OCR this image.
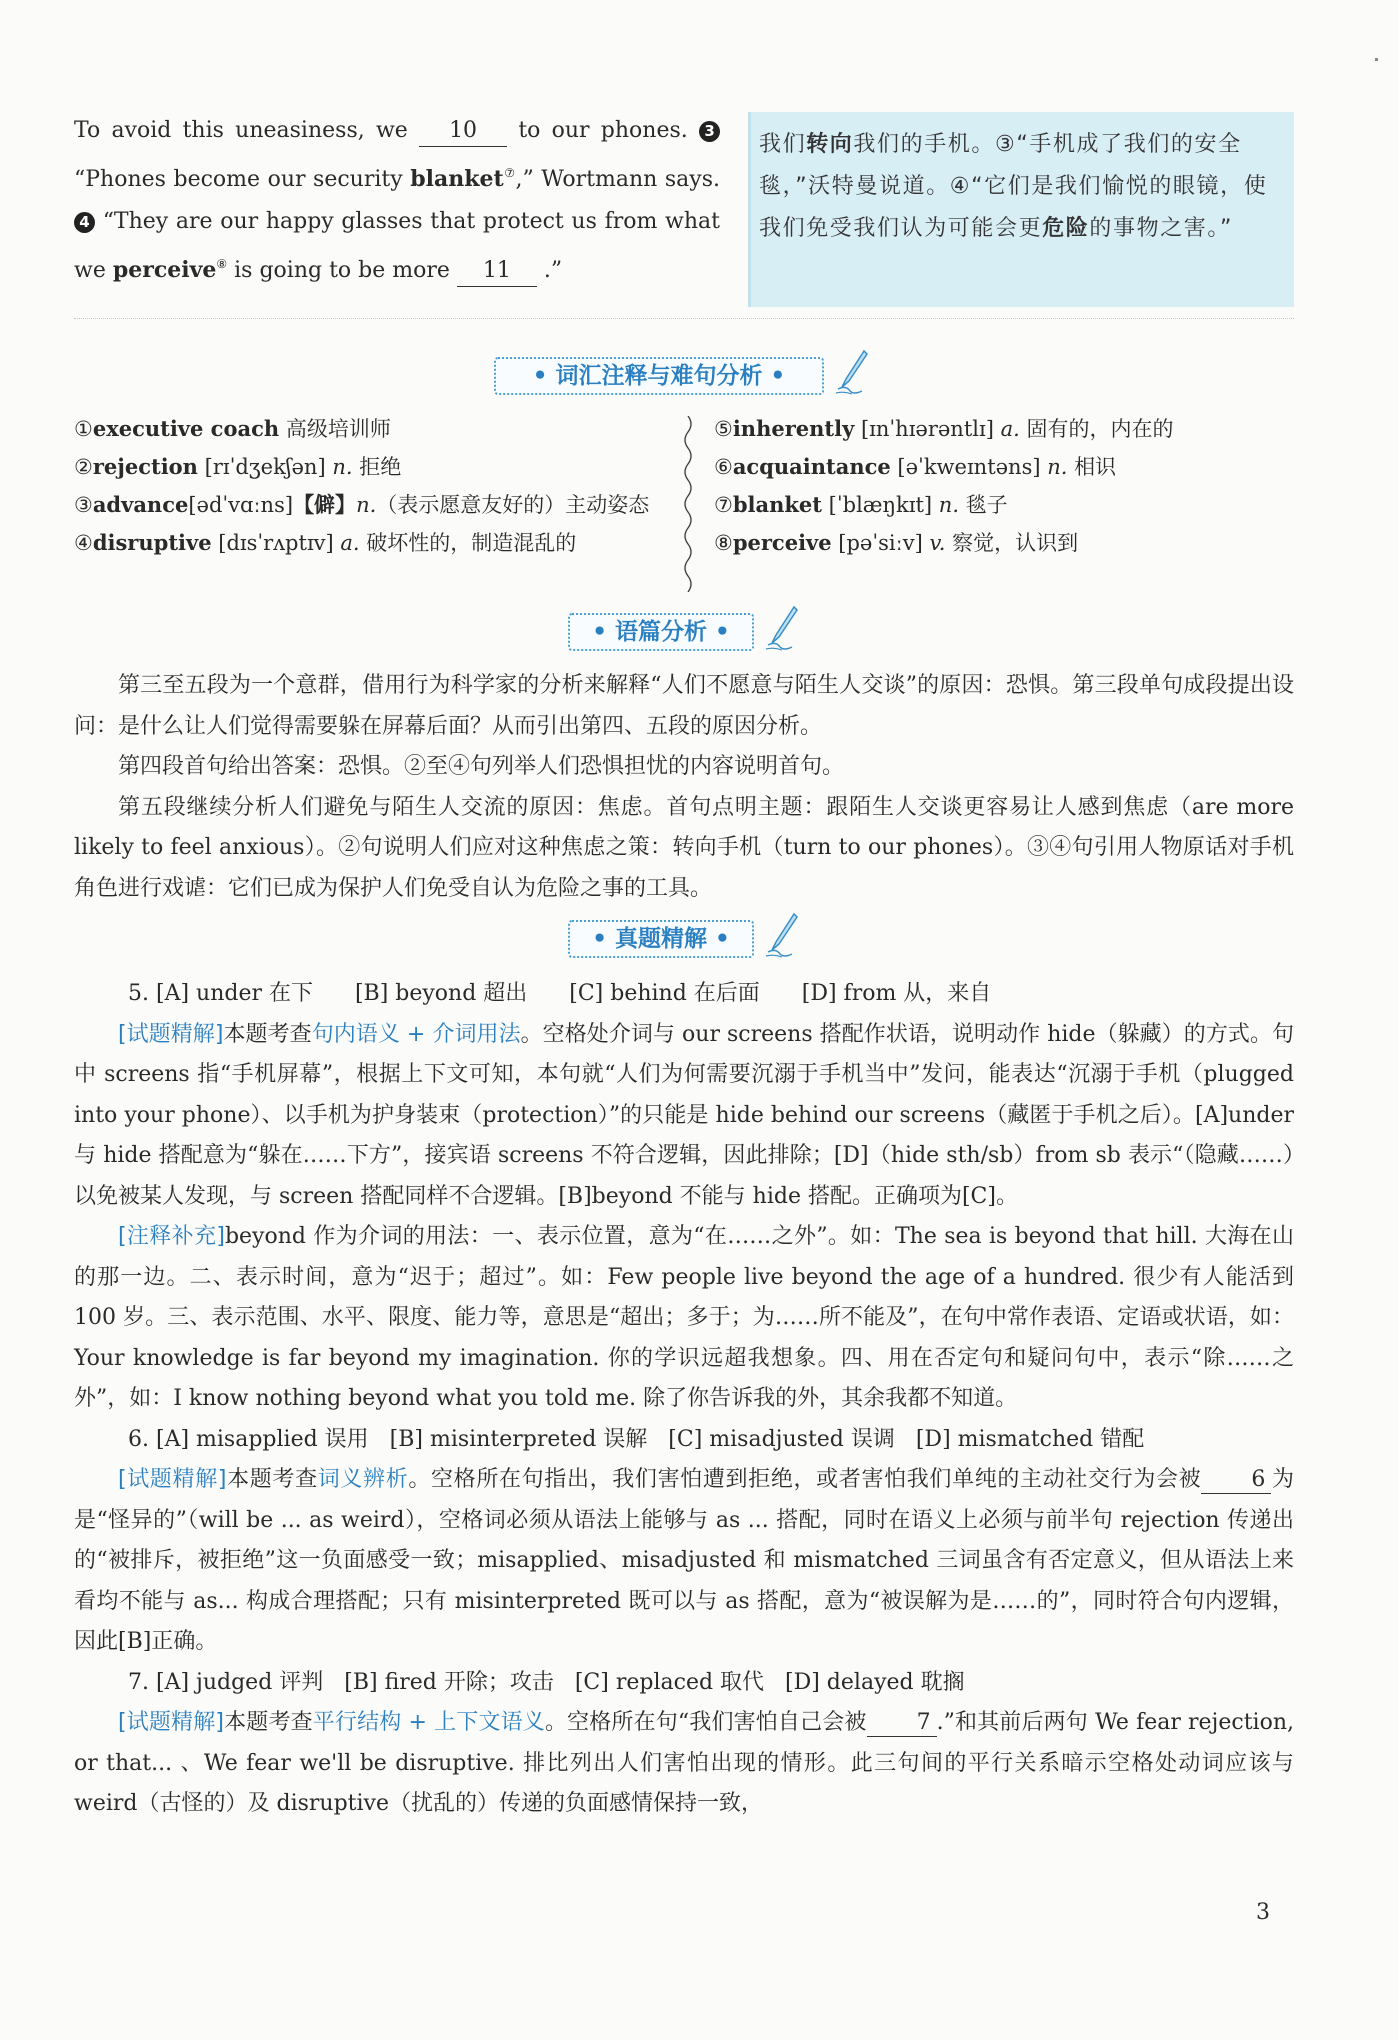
To avoid this uneasiness, we 10 to our phones. 3 “Phones become our security blanket⑦,” Wortmann says. 4 “They are our happy glasses that protect us from what we perceive⑧ is going to be more 11 .”
我们转向我们的手机。③“手机成了我们的安全毯，”沃特曼说道。④“它们是我们愉悦的眼镜，使我们免受我们认为可能会更危险的事物之害。”
• 词汇注释与难句分析 •
①executive coach 高级培训师
②rejection [rɪˈdʒekʃən] n. 拒绝
③advance[ədˈvɑːns]【僻】n.（表示愿意友好的）主动姿态
④disruptive [dɪsˈrʌptɪv] a. 破坏性的，制造混乱的
⑤inherently [ɪnˈhɪərəntlɪ] a. 固有的，内在的
⑥acquaintance [əˈkweɪntəns] n. 相识
⑦blanket [ˈblæŋkɪt] n. 毯子
⑧perceive [pəˈsiːv] v. 察觉，认识到
• 语篇分析 •

第三至五段为一个意群，借用行为科学家的分析来解释“人们不愿意与陌生人交谈”的原因：恐惧。第三段单句成段提出设问：是什么让人们觉得需要躲在屏幕后面？从而引出第四、五段的原因分析。

第四段首句给出答案：恐惧。②至④句列举人们恐惧担忧的内容说明首句。

第五段继续分析人们避免与陌生人交流的原因：焦虑。首句点明主题：跟陌生人交谈更容易让人感到焦虑（are more likely to feel anxious）。②句说明人们应对这种焦虑之策：转向手机（turn to our phones）。③④句引用人物原话对手机角色进行戏谑：它们已成为保护人们免受自认为危险之事的工具。

• 真题精解 •

5. [A] under 在下      [B] beyond 超出      [C] behind 在后面      [D] from 从，来自

[试题精解]本题考查句内语义 + 介词用法。空格处介词与 our screens 搭配作状语，说明动作 hide（躲藏）的方式。句中 screens 指“手机屏幕”，根据上下文可知，本句就“人们为何需要沉溺于手机当中”发问，能表达“沉溺于手机（plugged into your phone）、以手机为护身装束（protection）”的只能是 hide behind our screens（藏匿于手机之后）。[A]under 与 hide 搭配意为“躲在……下方”，接宾语 screens 不符合逻辑，因此排除；[D]（hide sth/sb）from sb 表示“（隐藏……）以免被某人发现，与 screen 搭配同样不合逻辑。[B]beyond 不能与 hide 搭配。正确项为[C]。

[注释补充]beyond 作为介词的用法：一、表示位置，意为“在……之外”。如：The sea is beyond that hill. 大海在山的那一边。二、表示时间，意为“迟于；超过”。如：Few people live beyond the age of a hundred. 很少有人能活到 100 岁。三、表示范围、水平、限度、能力等，意思是“超出；多于；为……所不能及”，在句中常作表语、定语或状语，如：Your knowledge is far beyond my imagination. 你的学识远超我想象。四、用在否定句和疑问句中，表示“除……之外”，如：I know nothing beyond what you told me. 除了你告诉我的外，其余我都不知道。

6. [A] misapplied 误用   [B] misinterpreted 误解   [C] misadjusted 误调   [D] mismatched 错配

[试题精解]本题考查词义辨析。空格所在句指出，我们害怕遭到拒绝，或者害怕我们单纯的主动社交行为会被 6 为是“怪异的”（will be ... as weird），空格词必须从语法上能够与 as ... 搭配，同时在语义上必须与前半句 rejection 传递出的“被排斥，被拒绝”这一负面感受一致；misapplied、misadjusted 和 mismatched 三词虽含有否定意义，但从语法上来看均不能与 as... 构成合理搭配；只有 misinterpreted 既可以与 as 搭配，意为“被误解为是……的”，同时符合句内逻辑，因此[B]正确。

7. [A] judged 评判   [B] fired 开除；攻击   [C] replaced 取代   [D] delayed 耽搁

[试题精解]本题考查平行结构 + 上下文语义。空格所在句“我们害怕自己会被 7 .”和其前后两句 We fear rejection, or that... 、We fear we'll be disruptive. 排比列出人们害怕出现的情形。此三句间的平行关系暗示空格处动词应该与 weird（古怪的）及 disruptive（扰乱的）传递的负面感情保持一致，

3
